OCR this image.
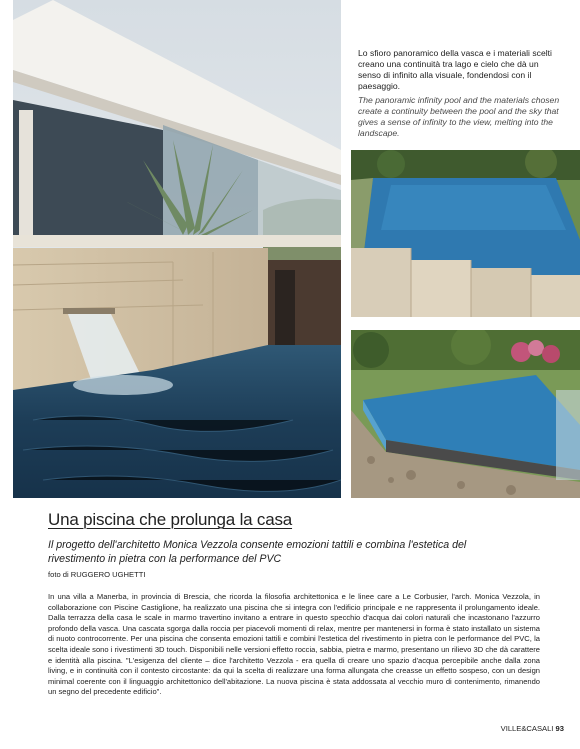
Lo sfioro panoramico della vasca e i materiali scelti creano una continuità tra lago e cielo che dà un senso di infinito alla visuale, fondendosi con il paesaggio.
The panoramic infinity pool and the materials chosen create a continuity between the pool and the sky that gives a sense of infinity to the view, melting into the landscape.
Una piscina che prolunga la casa
Il progetto dell'architetto Monica Vezzola consente emozioni tattili e combina l'estetica del rivestimento in pietra con la performance del PVC
foto di RUGGERO UGHETTI
In una villa a Manerba, in provincia di Brescia, che ricorda la filosofia architettonica e le linee care a Le Corbusier, l'arch. Monica Vezzola, in collaborazione con Piscine Castiglione, ha realizzato una piscina che si integra con l'edificio principale e ne rappresenta il prolungamento ideale. Dalla terrazza della casa le scale in marmo travertino invitano a entrare in questo specchio d'acqua dai colori naturali che incastonano l'azzurro profondo della vasca. Una cascata sgorga dalla roccia per piacevoli momenti di relax, mentre per mantenersi in forma è stato installato un sistema di nuoto controcorrente. Per una piscina che consenta emozioni tattili e combini l'estetica del rivestimento in pietra con le performance del PVC, la scelta ideale sono i rivestimenti 3D touch. Disponibili nelle versioni effetto roccia, sabbia, pietra e marmo, presentano un rilievo 3D che dà carattere e identità alla piscina. "L'esigenza del cliente – dice l'architetto Vezzola - era quella di creare uno spazio d'acqua percepibile anche dalla zona living, e in continuità con il contesto circostante: da qui la scelta di realizzare una forma allungata che creasse un effetto sospeso, con un design minimal coerente con il linguaggio architettonico dell'abitazione. La nuova piscina è stata addossata al vecchio muro di contenimento, rimanendo un segno del precedente edificio".
VILLE&CASALI 93
